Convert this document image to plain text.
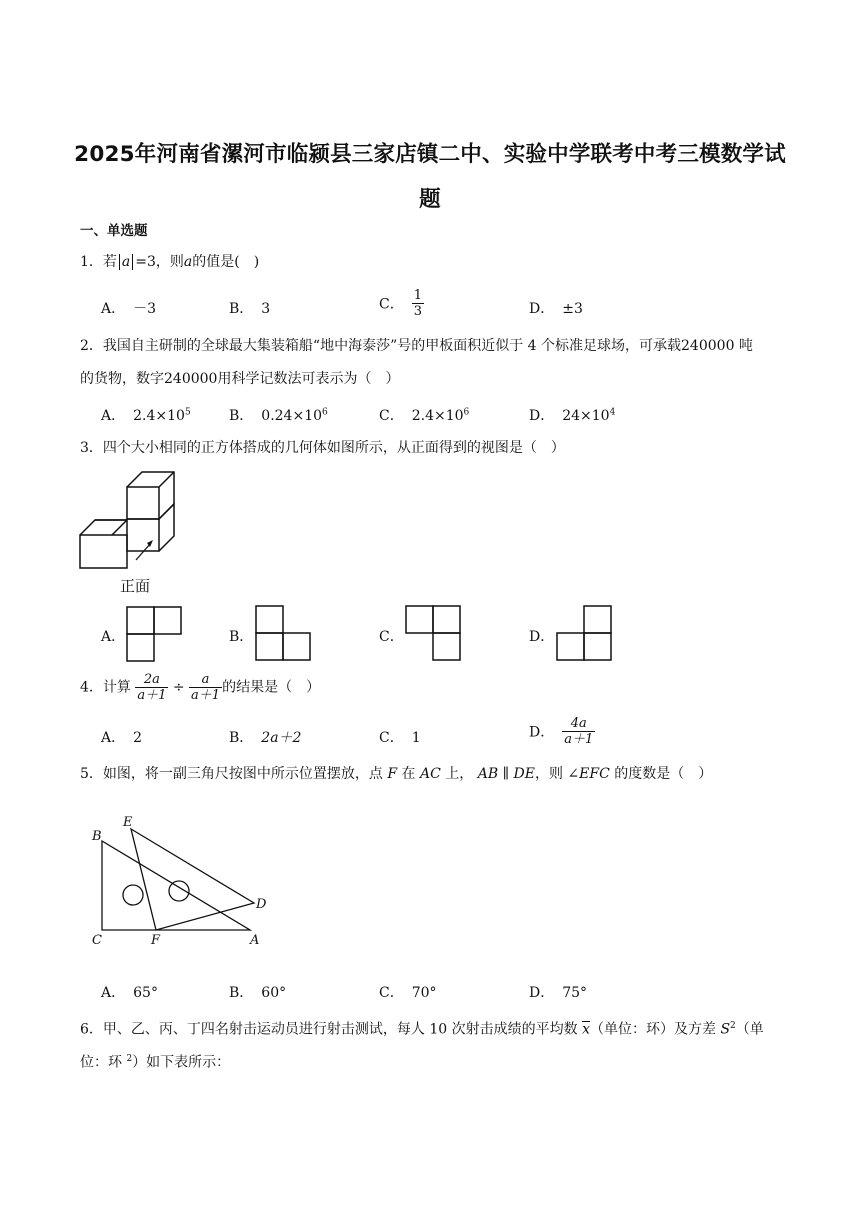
2025年河南省漯河市临颍县三家店镇二中、实验中学联考中考三模数学试
题
一、单选题
1．若 a =3，则a的值是(　)
A． －3	B． 3	C． $\frac{1}{3}$	D． ±3
2．我国自主研制的全球最大集装箱船“地中海泰莎”号的甲板面积近似于 4 个标准足球场，可承载240000 吨
的货物，数字240000用科学记数法可表示为（　）
A． $2.4\times 10^5$	B． $0.24\times 10^6$	C． $2.4\times 10^6$	D． $24\times 10^4$
3．四个大小相同的正方体搭成的几何体如图所示，从正面得到的视图是（　）
正面
A．	B．	C．	D．
4．计算 $\frac{2a}{a+1} \div \frac{a}{a+1}$ 的结果是（　）
A． 2	B． 2a＋2	C． 1	D． $\frac{4a}{a+1}$
5．如图，将一副三角尺按图中所示位置摆放，点 F 在 AC 上， AB ∥ DE，则 ∠EFC 的度数是（　）
B
E
D
C	F	A
A． 65°	B． 60°	C． 70°	D． 75°
6．甲、乙、丙、丁四名射击运动员进行射击测试，每人 10 次射击成绩的平均数 $\overline{x}$（单位：环）及方差 $S^2$（单
位：环 $^2$）如下表所示：
